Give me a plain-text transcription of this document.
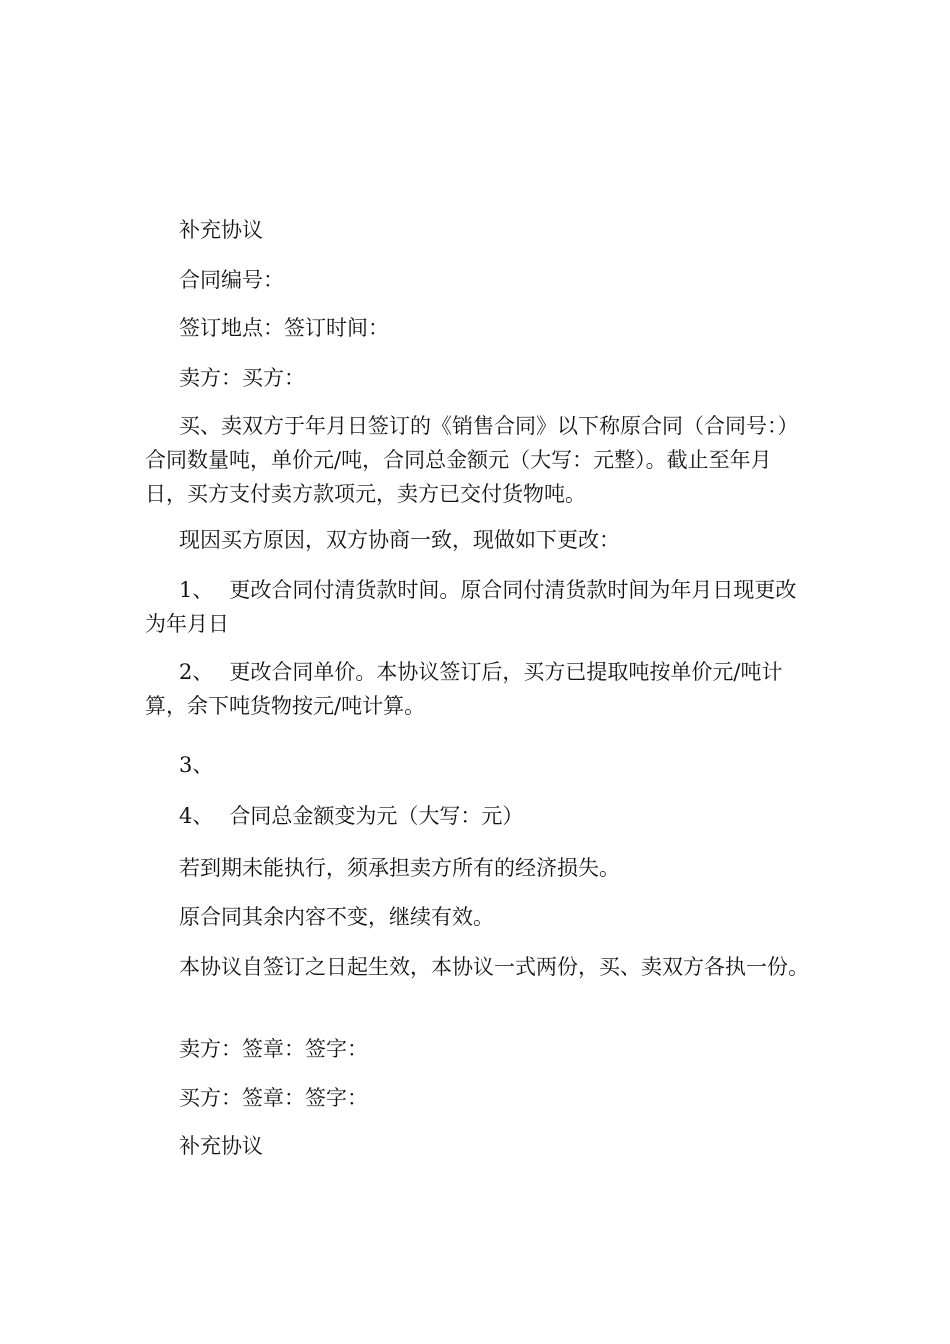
补充协议

合同编号：

签订地点：签订时间：

卖方：买方：

买、卖双方于年月日签订的《销售合同》以下称原合同（合同号：）合同数量吨，单价元/吨，合同总金额元（大写：元整）。截止至年月日，买方支付卖方款项元，卖方已交付货物吨。

现因买方原因，双方协商一致，现做如下更改：

1、 更改合同付清货款时间。原合同付清货款时间为年月日现更改为年月日

2、 更改合同单价。本协议签订后，买方已提取吨按单价元/吨计 算，余下吨货物按元/吨计算。

3、

4、 合同总金额变为元（大写：元）

若到期未能执行，须承担卖方所有的经济损失。

原合同其余内容不变，继续有效。

本协议自签订之日起生效，本协议一式两份，买、卖双方各执一份。

卖方：签章：签字：

买方：签章：签字：

补充协议
